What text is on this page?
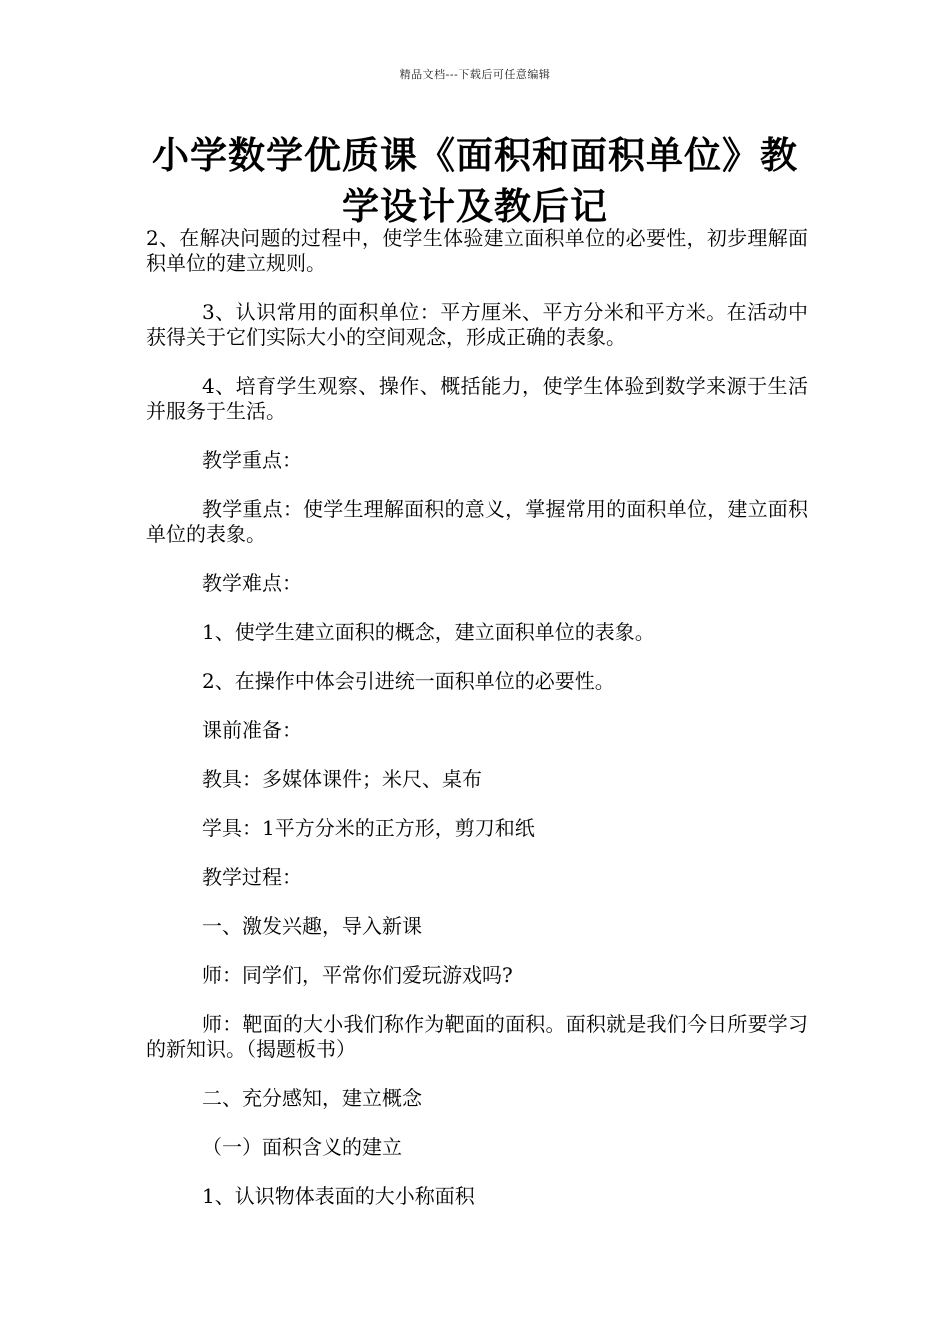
精品文档---下载后可任意编辑
小学数学优质课《面积和面积单位》教学设计及教后记

2、在解决问题的过程中，使学生体验建立面积单位的必要性，初步理解面积单位的建立规则。

3、认识常用的面积单位：平方厘米、平方分米和平方米。在活动中获得关于它们实际大小的空间观念，形成正确的表象。

4、培育学生观察、操作、概括能力，使学生体验到数学来源于生活并服务于生活。

教学重点：

教学重点：使学生理解面积的意义，掌握常用的面积单位，建立面积单位的表象。

教学难点：

1、使学生建立面积的概念，建立面积单位的表象。

2、在操作中体会引进统一面积单位的必要性。

课前准备：

教具：多媒体课件；米尺、桌布

学具：1平方分米的正方形，剪刀和纸

教学过程：

一、激发兴趣，导入新课

师：同学们，平常你们爱玩游戏吗?

师：靶面的大小我们称作为靶面的面积。面积就是我们今日所要学习的新知识。（揭题板书）

二、充分感知，建立概念

（一）面积含义的建立

1、认识物体表面的大小称面积
